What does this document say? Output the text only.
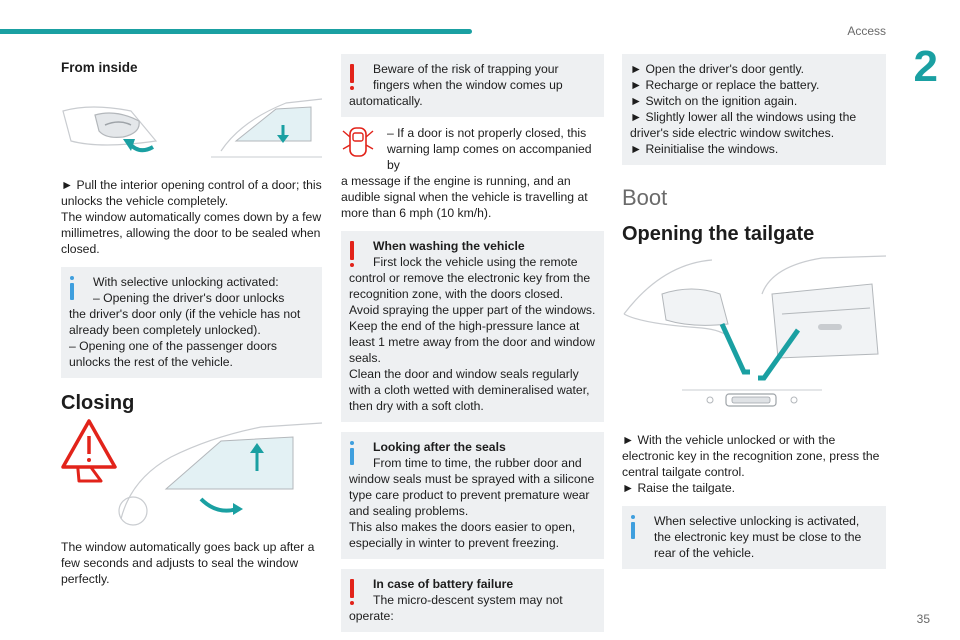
Access
2
From inside

► Pull the interior opening control of a door; this unlocks the vehicle completely.

The window automatically comes down by a few millimetres, allowing the door to be sealed when closed.

With selective unlocking activated:

– Opening the driver's door unlocks

the driver's door only (if the vehicle has not already been completely unlocked).

– Opening one of the passenger doors unlocks the rest of the vehicle.

Closing

The window automatically goes back up after a few seconds and adjusts to seal the window perfectly.

Beware of the risk of trapping your fingers when the window comes up

automatically.

– If a door is not properly closed, this warning lamp comes on accompanied by

a message if the engine is running, and an audible signal when the vehicle is travelling at more than 6 mph (10 km/h).

When washing the vehicle

First lock the vehicle using the remote

control or remove the electronic key from the recognition zone, with the doors closed.

Avoid spraying the upper part of the windows.

Keep the end of the high-pressure lance at least 1 metre away from the door and window seals.

Clean the door and window seals regularly with a cloth wetted with demineralised water, then dry with a soft cloth.

Looking after the seals

From time to time, the rubber door and

window seals must be sprayed with a silicone type care product to prevent premature wear and sealing problems.

This also makes the doors easier to open, especially in winter to prevent freezing.

In case of battery failure

The micro-descent system may not

operate:

► Open the driver's door gently.

► Recharge or replace the battery.

► Switch on the ignition again.

► Slightly lower all the windows using the driver's side electric window switches.

► Reinitialise the windows.

Boot
Opening the tailgate

► With the vehicle unlocked or with the electronic key in the recognition zone, press the central tailgate control.

► Raise the tailgate.

When selective unlocking is activated,

the electronic key must be close to the rear of the vehicle.

35
